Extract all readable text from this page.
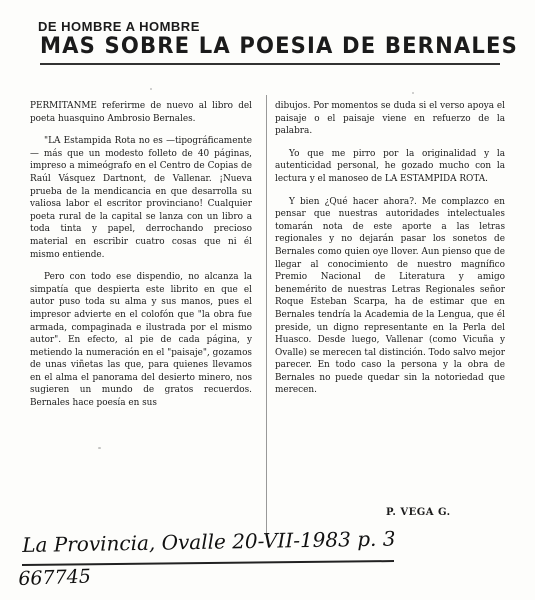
DE HOMBRE A HOMBRE
MAS SOBRE LA POESIA DE BERNALES

PERMITANME referirme de nuevo al libro del poeta huasquino Ambrosio Bernales.

"LA Estampida Rota no es —tipográficamente— más que un modesto folleto de 40 páginas, impreso a mimeógrafo en el Centro de Copias de Raúl Vásquez Dartnont, de Vallenar. ¡Nueva prueba de la mendicancia en que desarrolla su valiosa labor el escritor provinciano! Cualquier poeta rural de la capital se lanza con un libro a toda tinta y papel, derrochando precioso material en escribir cuatro cosas que ni él mismo entiende.

Pero con todo ese dispendio, no alcanza la simpatía que despierta este librito en que el autor puso toda su alma y sus manos, pues el impresor advierte en el colofón que "la obra fue armada, compaginada e ilustrada por el mismo autor". En efecto, al pie de cada página, y metiendo la numeración en el "paisaje", gozamos de unas viñetas las que, para quienes llevamos en el alma el panorama del desierto minero, nos sugieren un mundo de gratos recuerdos. Bernales hace poesía en sus

dibujos. Por momentos se duda si el verso apoya el paisaje o el paisaje viene en refuerzo de la palabra.

Yo que me pirro por la originalidad y la autenticidad personal, he gozado mucho con la lectura y el manoseo de LA ESTAMPIDA ROTA.

Y bien ¿Qué hacer ahora?. Me complazco en pensar que nuestras autoridades intelectuales tomarán nota de este aporte a las letras regionales y no dejarán pasar los sonetos de Bernales como quien oye llover. Aun pienso que de llegar al conocimiento de nuestro magnífico Premio Nacional de Literatura y amigo benemérito de nuestras Letras Regionales señor Roque Esteban Scarpa, ha de estimar que en Bernales tendría la Academia de la Lengua, que él preside, un digno representante en la Perla del Huasco. Desde luego, Vallenar (como Vicuña y Ovalle) se merecen tal distinción. Todo salvo mejor parecer. En todo caso la persona y la obra de Bernales no puede quedar sin la notoriedad que merecen.

P. VEGA G.
La Provincia, Ovalle 20-VII-1983 p. 3
667745
